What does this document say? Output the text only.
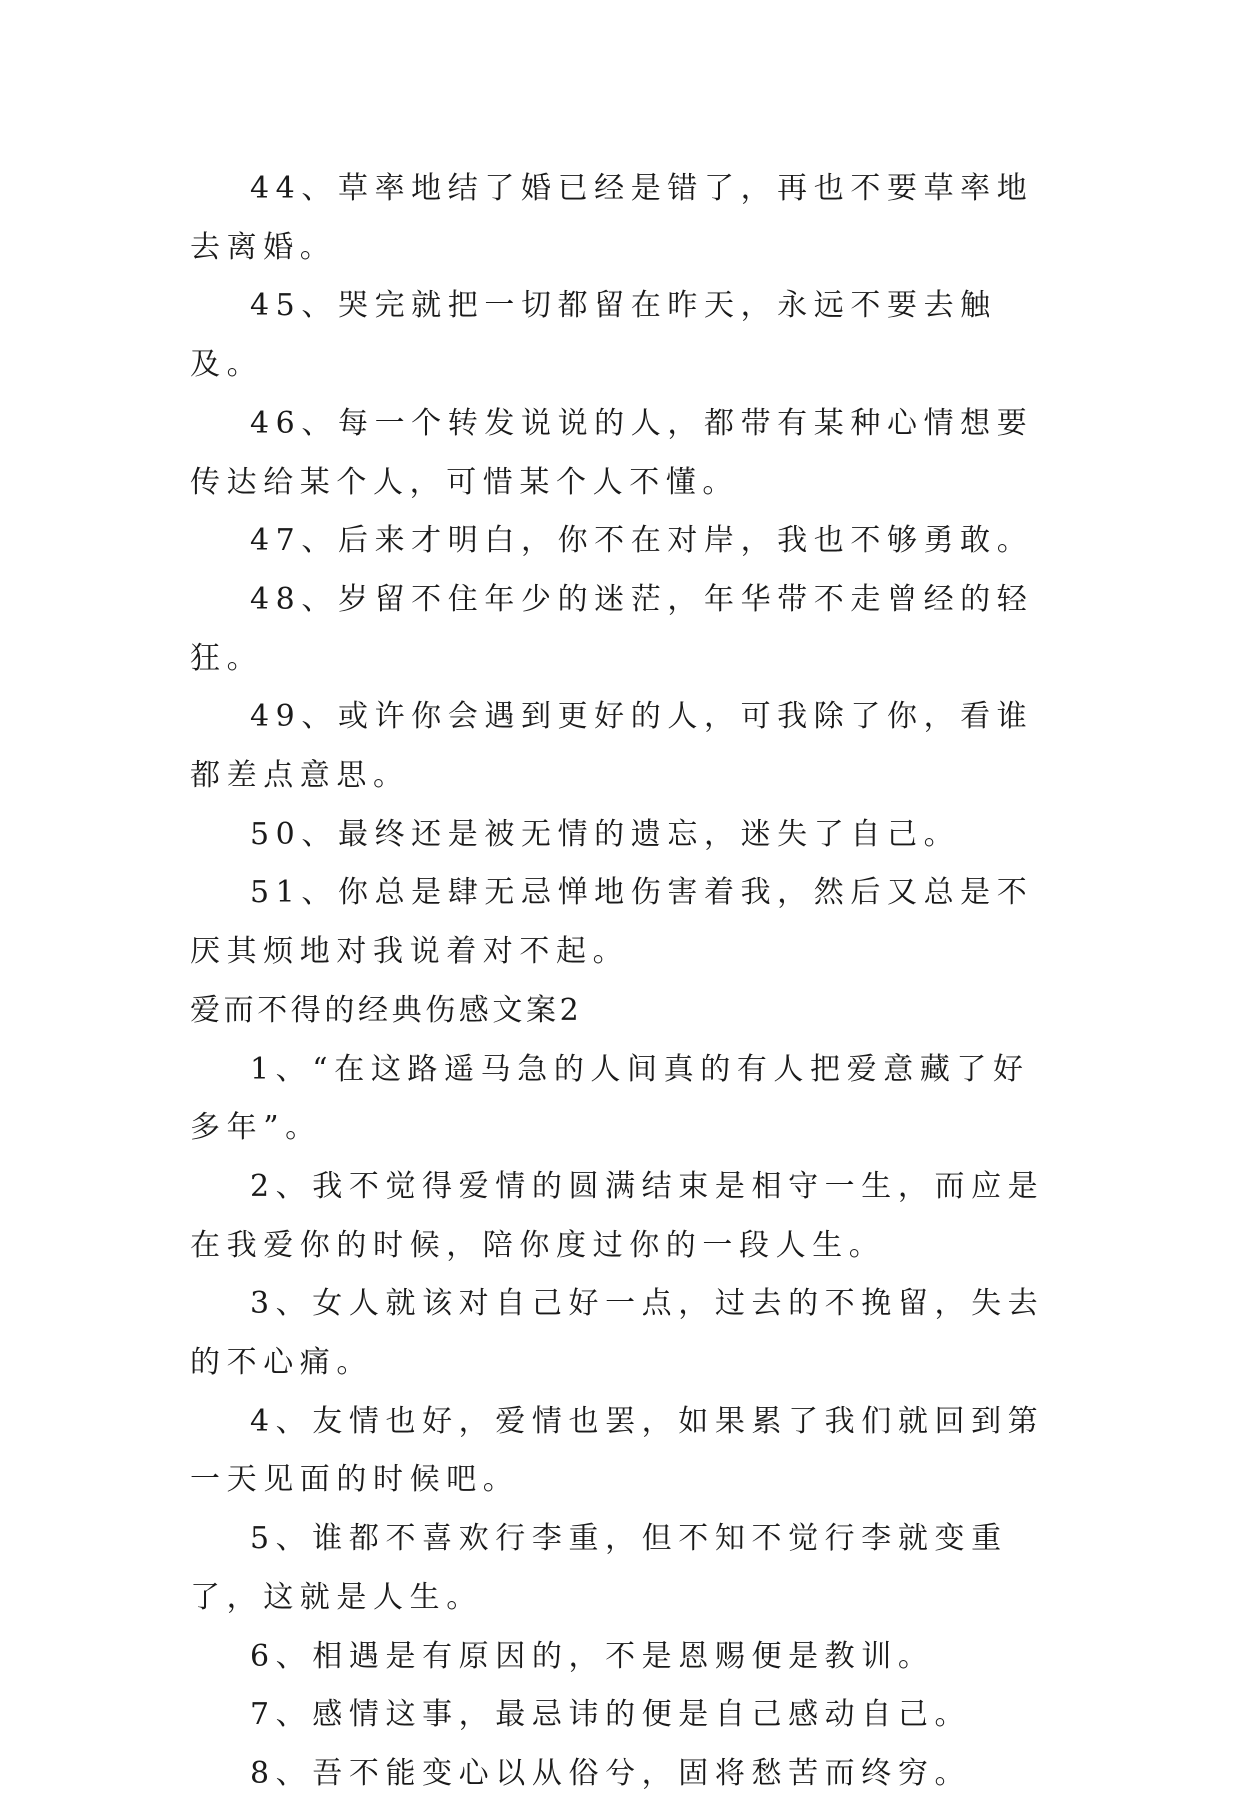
44、草率地结了婚已经是错了，再也不要草率地去离婚。

45、哭完就把一切都留在昨天，永远不要去触及。

46、每一个转发说说的人，都带有某种心情想要传达给某个人，可惜某个人不懂。

47、后来才明白，你不在对岸，我也不够勇敢。

48、岁留不住年少的迷茫，年华带不走曾经的轻狂。

49、或许你会遇到更好的人，可我除了你，看谁都差点意思。

50、最终还是被无情的遗忘，迷失了自己。

51、你总是肆无忌惮地伤害着我，然后又总是不厌其烦地对我说着对不起。

爱而不得的经典伤感文案2

1、“在这路遥马急的人间真的有人把爱意藏了好多年”。

2、我不觉得爱情的圆满结束是相守一生，而应是在我爱你的时候，陪你度过你的一段人生。

3、女人就该对自己好一点，过去的不挽留，失去的不心痛。

4、友情也好，爱情也罢，如果累了我们就回到第一天见面的时候吧。

5、谁都不喜欢行李重，但不知不觉行李就变重了，这就是人生。

6、相遇是有原因的，不是恩赐便是教训。

7、感情这事，最忌讳的便是自己感动自己。

8、吾不能变心以从俗兮，固将愁苦而终穷。
